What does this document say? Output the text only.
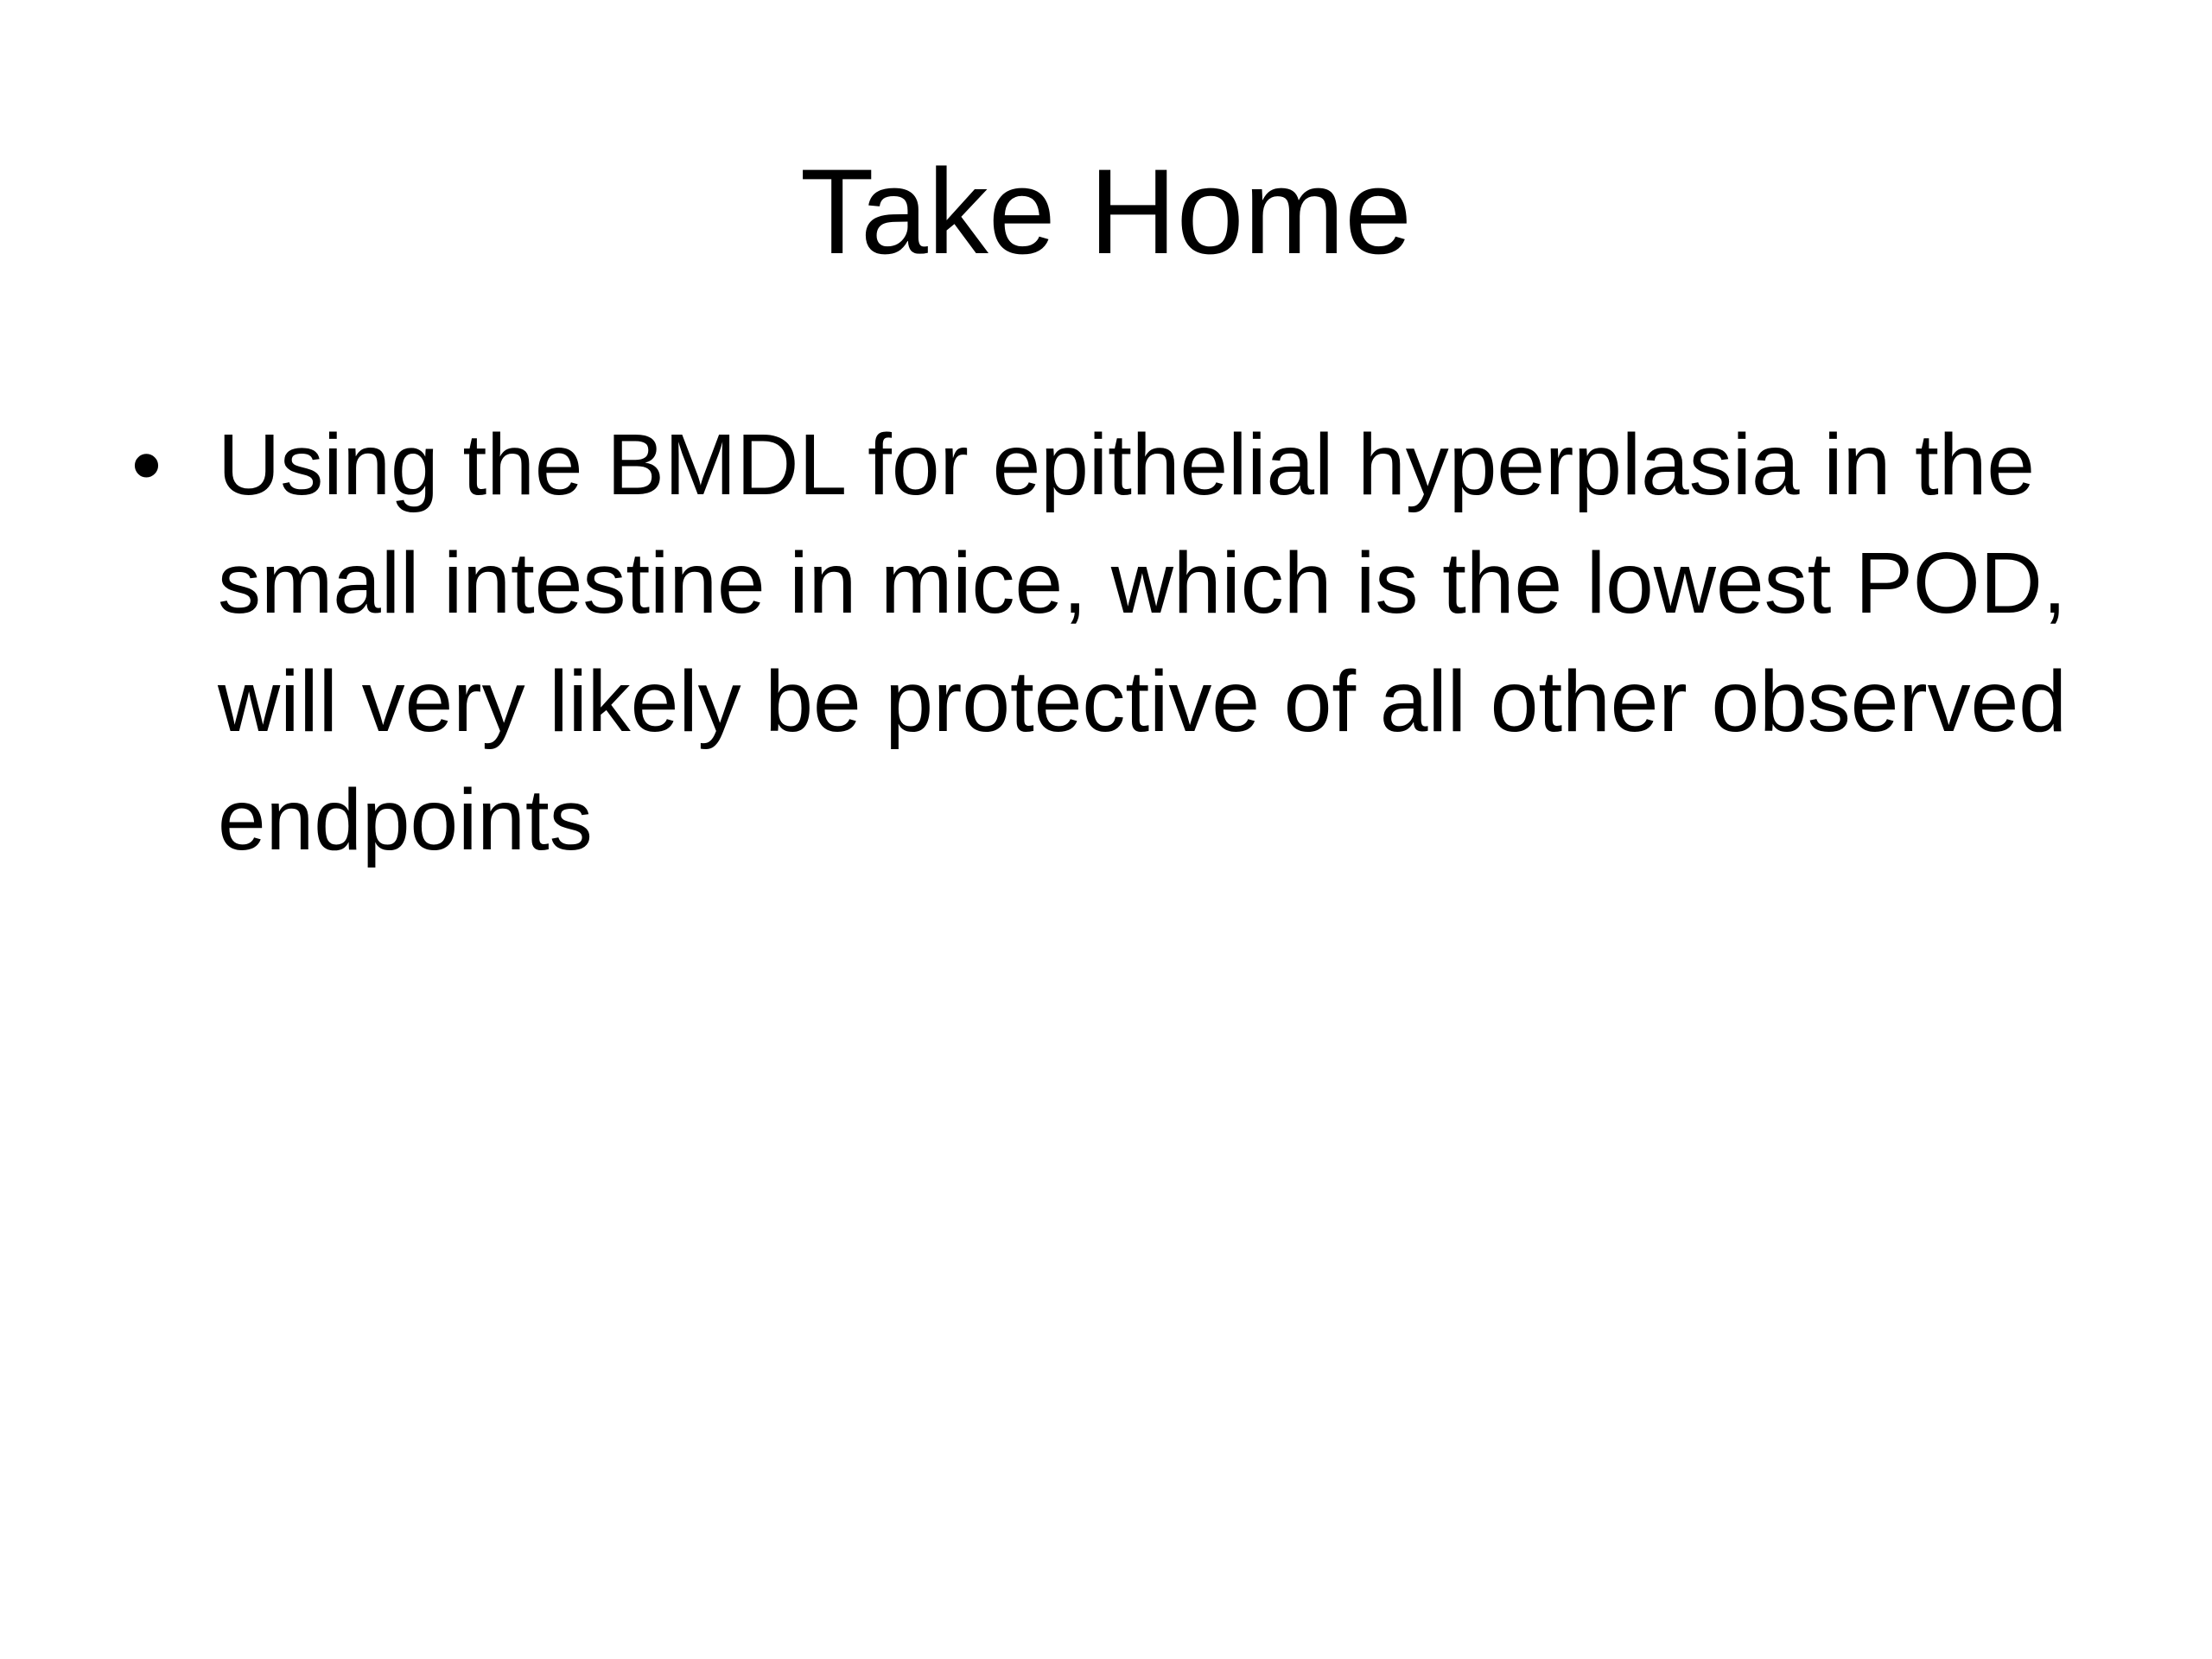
Take Home
• Using the BMDL for epithelial hyperplasia in the small intestine in mice, which is the lowest POD, will very likely be protective of all other observed endpoints
